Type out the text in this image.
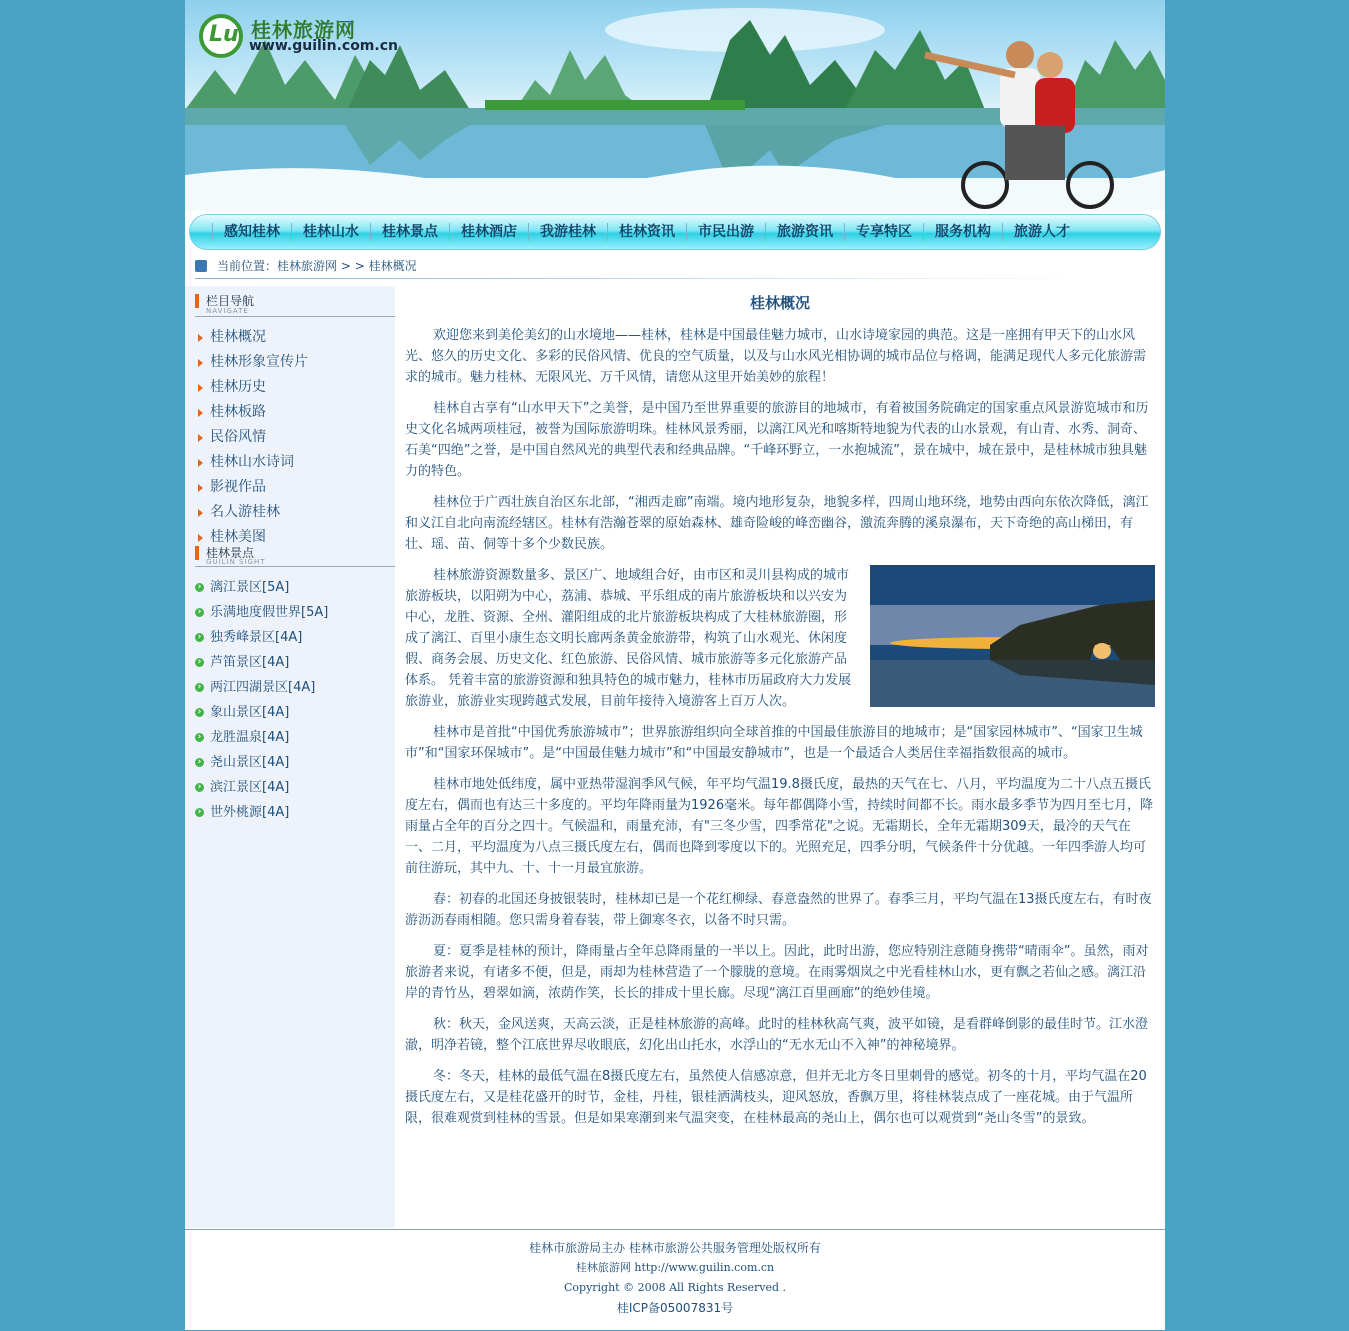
Lu 桂林旅游网
www.guilin.com.cn
感知桂林	桂林山水	桂林景点	桂林酒店	我游桂林	桂林资讯	市民出游	旅游资讯	专享特区	服务机构	旅游人才
当前位置：桂林旅游网 > > 桂林概况
栏目导航
NAVIGATE
桂林概况
桂林形象宣传片
桂林历史
桂林板路
民俗风情
桂林山水诗词
影视作品
名人游桂林
桂林美图
桂林景点
GUILIN SIGHT
› 漓江景区[5A]
› 乐满地度假世界[5A]
› 独秀峰景区[4A]
› 芦笛景区[4A]
› 两江四湖景区[4A]
› 象山景区[4A]
› 龙胜温泉[4A]
› 尧山景区[4A]
› 滨江景区[4A]
› 世外桃源[4A]
桂林概况

欢迎您来到美伦美幻的山水境地——桂林，桂林是中国最佳魅力城市，山水诗境家园的典范。这是一座拥有甲天下的山水风光、悠久的历史文化、多彩的民俗风情、优良的空气质量，以及与山水风光相协调的城市品位与格调，能满足现代人多元化旅游需求的城市。魅力桂林、无限风光、万千风情，请您从这里开始美妙的旅程！

桂林自古享有“山水甲天下”之美誉，是中国乃至世界重要的旅游目的地城市，有着被国务院确定的国家重点风景游览城市和历史文化名城两项桂冠，被誉为国际旅游明珠。桂林风景秀丽，以漓江风光和喀斯特地貌为代表的山水景观，有山青、水秀、洞奇、石美“四绝”之誉，是中国自然风光的典型代表和经典品牌。“千峰环野立，一水抱城流”，景在城中，城在景中，是桂林城市独具魅力的特色。

桂林位于广西壮族自治区东北部，“湘西走廊”南端。境内地形复杂，地貌多样，四周山地环绕，地势由西向东依次降低，漓江和义江自北向南流经辖区。桂林有浩瀚苍翠的原始森林、雄奇险峻的峰峦幽谷，激流奔腾的溪泉瀑布，天下奇绝的高山梯田，有壮、瑶、苗、侗等十多个少数民族。

桂林旅游资源数量多、景区广、地域组合好，由市区和灵川县构成的城市旅游板块，以阳朔为中心，荔浦、恭城、平乐组成的南片旅游板块和以兴安为中心，龙胜、资源、全州、灌阳组成的北片旅游板块构成了大桂林旅游圈，形成了漓江、百里小康生态文明长廊两条黄金旅游带，构筑了山水观光、休闲度假、商务会展、历史文化、红色旅游、民俗风情、城市旅游等多元化旅游产品体系。 凭着丰富的旅游资源和独具特色的城市魅力，桂林市历届政府大力发展旅游业，旅游业实现跨越式发展，目前年接待入境游客上百万人次。

桂林市是首批“中国优秀旅游城市”；世界旅游组织向全球首推的中国最佳旅游目的地城市；是“国家园林城市”、“国家卫生城市”和“国家环保城市”。是“中国最佳魅力城市”和“中国最安静城市”，也是一个最适合人类居住幸福指数很高的城市。

桂林市地处低纬度，属中亚热带湿润季风气候，年平均气温19.8摄氏度，最热的天气在七、八月，平均温度为二十八点五摄氏度左右，偶而也有达三十多度的。平均年降雨量为1926毫米。每年都偶降小雪，持续时间都不长。雨水最多季节为四月至七月，降雨量占全年的百分之四十。气候温和，雨量充沛，有"三冬少雪，四季常花"之说。无霜期长，全年无霜期309天，最冷的天气在一、二月，平均温度为八点三摄氏度左右，偶而也降到零度以下的。光照充足，四季分明，气候条件十分优越。一年四季游人均可前往游玩，其中九、十、十一月最宜旅游。

春：初春的北国还身披银装时，桂林却已是一个花红柳绿、春意盎然的世界了。春季三月，平均气温在13摄氏度左右，有时夜游沥沥春雨相随。您只需身着春装，带上御寒冬衣，以备不时只需。

夏：夏季是桂林的预计，降雨量占全年总降雨量的一半以上。因此，此时出游，您应特别注意随身携带“晴雨伞”。虽然，雨对旅游者来说，有诸多不便，但是，雨却为桂林营造了一个朦胧的意境。在雨雾烟岚之中光看桂林山水，更有飘之若仙之感。漓江沿岸的青竹丛，碧翠如滴，浓荫作笑，长长的排成十里长廊。尽现“漓江百里画廊”的绝妙佳境。

秋：秋天，金风送爽，天高云淡，正是桂林旅游的高峰。此时的桂林秋高气爽，波平如镜，是看群峰倒影的最佳时节。江水澄澈，明净若镜，整个江底世界尽收眼底，幻化出山托水，水浮山的“无水无山不入神”的神秘境界。

冬：冬天，桂林的最低气温在8摄氏度左右，虽然使人信感凉意，但并无北方冬日里刺骨的感觉。初冬的十月，平均气温在20摄氏度左右，又是桂花盛开的时节，金桂，丹桂，银桂洒满枝头，迎风怒放，香飘万里，将桂林装点成了一座花城。由于气温所限，很难观赏到桂林的雪景。但是如果寒潮到来气温突变，在桂林最高的尧山上，偶尔也可以观赏到“尧山冬雪”的景致。

桂林市旅游局主办 桂林市旅游公共服务管理处版权所有
桂林旅游网 http://www.guilin.com.cn
Copyright © 2008 All Rights Reserved .
桂ICP备05007831号
